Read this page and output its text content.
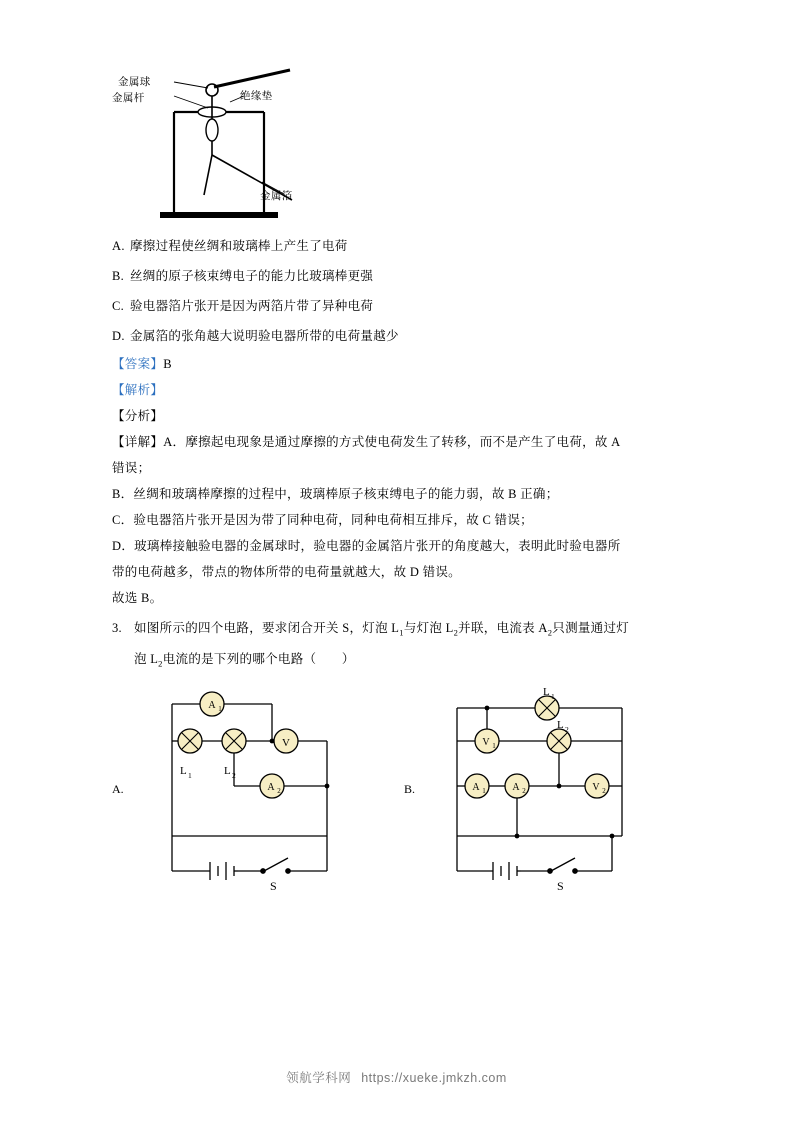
金属球
金属杆	绝缘垫
金属箔
A. 摩擦过程使丝绸和玻璃棒上产生了电荷
B. 丝绸的原子核束缚电子的能力比玻璃棒更强
C. 验电器箔片张开是因为两箔片带了异种电荷
D. 金属箔的张角越大说明验电器所带的电荷量越少
【答案】B
【解析】
【分析】
【详解】A．摩擦起电现象是通过摩擦的方式使电荷发生了转移，而不是产生了电荷，故 A
错误；
B．丝绸和玻璃棒摩擦的过程中，玻璃棒原子核束缚电子的能力弱，故 B 正确；
C．验电器箔片张开是因为带了同种电荷，同种电荷相互排斥，故 C 错误；
D．玻璃棒接触验电器的金属球时，验电器的金属箔片张开的角度越大，表明此时验电器所
带的电荷越多，带点的物体所带的电荷量就越大，故 D 错误。
故选 B。
3. 如图所示的四个电路，要求闭合开关 S，灯泡 $L_1$与灯泡 $L_2$并联，电流表 $A_2$只测量通过灯
泡 $L_2$电流的是下列的哪个电路（　　）
A.
A 1
V
A 2
L 1	L 2
S
B.
V 1
A 1	A 2	V 2
L 1
L 2
S
领航学科网 https://xueke.jmkzh.com
